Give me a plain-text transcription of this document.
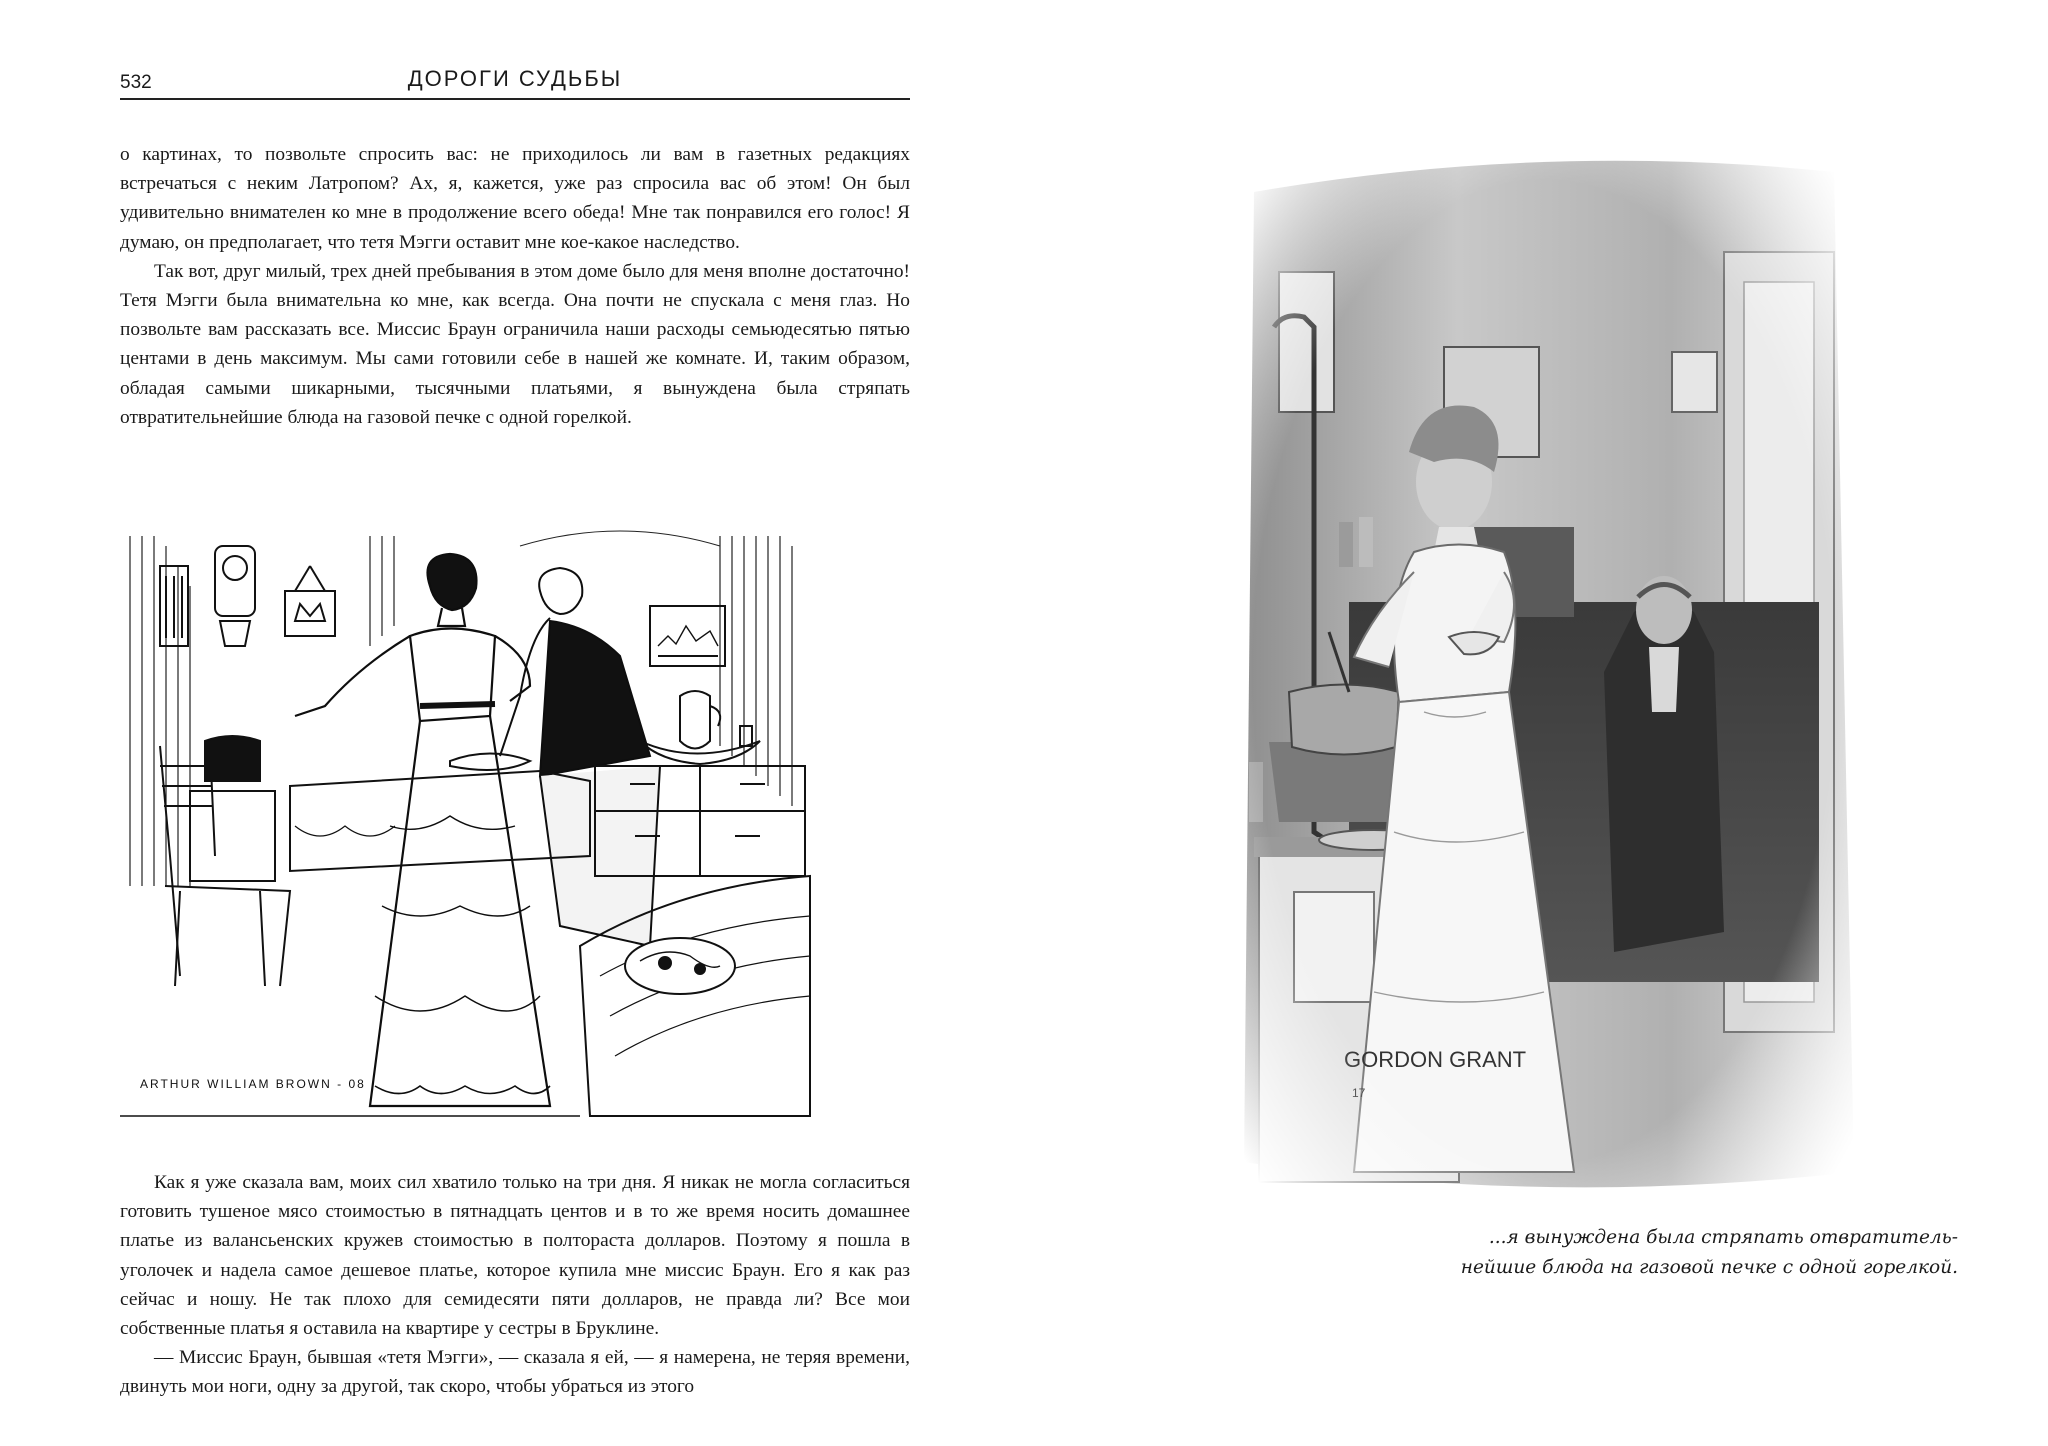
532	ДОРОГИ СУДЬБЫ

о картинах, то позвольте спросить вас: не приходилось ли вам в газетных редакциях встречаться с неким Латропом? Ах, я, кажется, уже раз спросила вас об этом! Он был удивительно внимателен ко мне в продолжение всего обеда! Мне так понравился его голос! Я думаю, он предполагает, что тетя Мэгги оставит мне кое-какое наследство.

Так вот, друг милый, трех дней пребывания в этом доме было для меня вполне достаточно! Тетя Мэгги была внимательна ко мне, как всегда. Она почти не спускала с меня глаз. Но позвольте вам рассказать все. Миссис Браун ограничила наши расходы семьюдесятью пятью центами в день максимум. Мы сами готовили себе в нашей же комнате. И, таким образом, обладая самыми шикарными, тысячными платьями, я вынуждена была стряпать отвратительнейшие блюда на газовой печке с одной горелкой.

ARTHUR WILLIAM BROWN - 08

Как я уже сказала вам, моих сил хватило только на три дня. Я никак не могла согласиться готовить тушеное мясо стоимостью в пятнадцать центов и в то же время носить домашнее платье из валансьенских кружев стоимостью в полтораста долларов. Поэтому я пошла в уголочек и надела самое дешевое платье, которое купила мне миссис Браун. Его я как раз сейчас и ношу. Не так плохо для семидесяти пяти долларов, не правда ли? Все мои собственные платья я оставила на квартире у сестры в Бруклине.

— Миссис Браун, бывшая «тетя Мэгги», — сказала я ей, — я намерена, не теряя времени, двинуть мои ноги, одну за другой, так скоро, чтобы убраться из этого

...я вынуждена была стряпать отвратитель-
нейшие блюда на газовой печке с одной горелкой.
